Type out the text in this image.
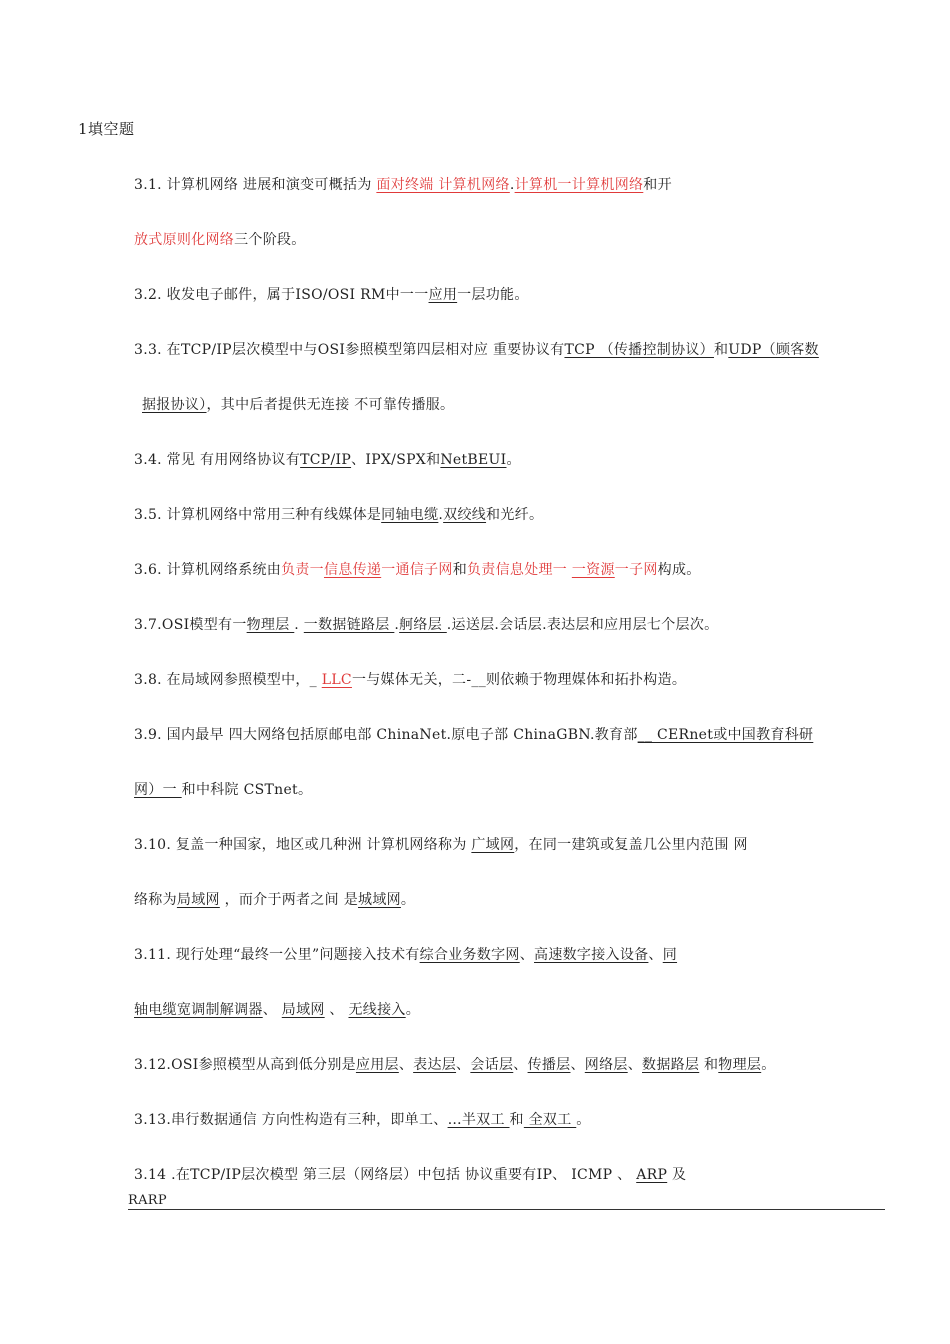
1填空题
3.1. 计算机网络 进展和演变可概括为 面对终端 计算机网络.计算机一计算机网络和开
放式原则化网络三个阶段。
3.2. 收发电子邮件，属于ISO/OSI RM中一一应用一层功能。
3.3. 在TCP/IP层次模型中与OSI参照模型第四层相对应 重要协议有TCP （传播控制协议）和UDP（顾客数
据报协议），其中后者提供无连接 不可靠传播服。
3.4. 常见 有用网络协议有TCP/IP、IPX/SPX和NetBEUI。
3.5. 计算机网络中常用三种有线媒体是同轴电缆.双绞线和光纤。
3.6. 计算机网络系统由负责一信息传递一通信子网和负责信息处理一 一资源一子网构成。
3.7.OSI模型有一物理层 . 一数据链路层 .舸络层 .运送层.会话层.表达层和应用层七个层次。
3.8. 在局域网参照模型中，_ LLC一与媒体无关，二-__则依赖于物理媒体和拓扑构造。
3.9. 国内最早 四大网络包括原邮电部 ChinaNet.原电子部 ChinaGBN.教育部__ CERnet或中国教育科研
网）一 和中科院 CSTnet。
3.10. 复盖一种国家，地区或几种洲 计算机网络称为 广域网，在同一建筑或复盖几公里内范围 网
络称为局域网 ，而介于两者之间 是城域网。
3.11. 现行处理“最终一公里”问题接入技术有综合业务数字网、高速数字接入设备、同
轴电缆宽调制解调器、 局域网 、 无线接入。
3.12.OSI参照模型从高到低分别是应用层、表达层、会话层、传播层、网络层、数据路层 和物理层。
3.13.串行数据通信 方向性构造有三种，即单工、…半双工 和 全双工 。
3.14 .在TCP/IP层次模型 第三层（网络层）中包括 协议重要有IP、 ICMP 、 ARP 及
RARP
